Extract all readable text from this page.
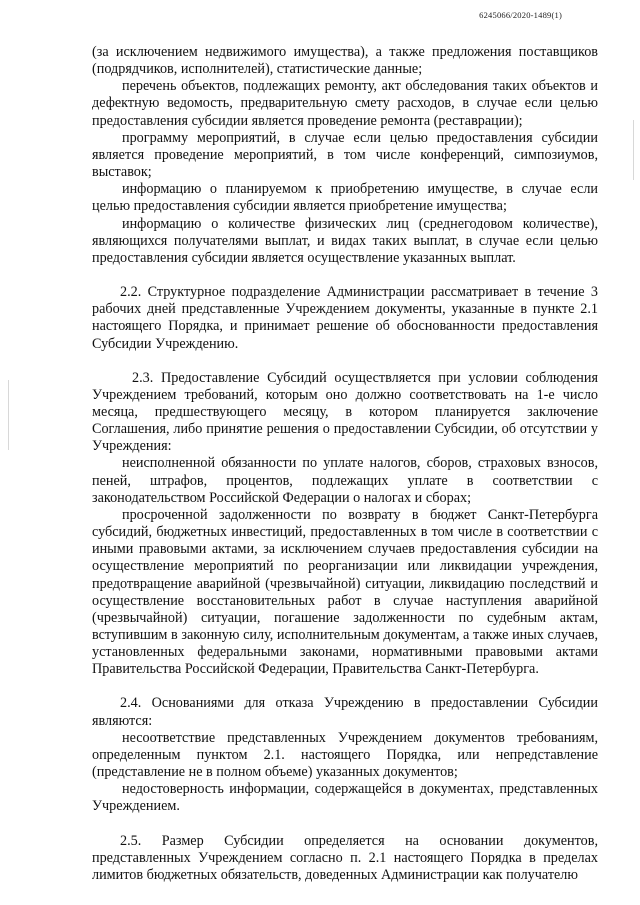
6245066/2020-1489(1)

(за исключением недвижимого имущества), а также предложения поставщиков (подрядчиков, исполнителей), статистические данные;

перечень объектов, подлежащих ремонту, акт обследования таких объектов и дефектную ведомость, предварительную смету расходов, в случае если целью предоставления субсидии является проведение ремонта (реставрации);

программу мероприятий, в случае если целью предоставления субсидии является проведение мероприятий, в том числе конференций, симпозиумов, выставок;

информацию о планируемом к приобретению имуществе, в случае если целью предоставления субсидии является приобретение имущества;

информацию о количестве физических лиц (среднегодовом количестве), являющихся получателями выплат, и видах таких выплат, в случае если целью предоставления субсидии является осуществление указанных выплат.

2.2. Структурное подразделение Администрации рассматривает в течение 3 рабочих дней представленные Учреждением документы, указанные в пункте 2.1 настоящего Порядка, и принимает решение об обоснованности предоставления Субсидии Учреждению.

2.3. Предоставление Субсидий осуществляется при условии соблюдения Учреждением требований, которым оно должно соответствовать на 1-е число месяца, предшествующего месяцу, в котором планируется заключение Соглашения, либо принятие решения о предоставлении Субсидии, об отсутствии у Учреждения:

неисполненной обязанности по уплате налогов, сборов, страховых взносов, пеней, штрафов, процентов, подлежащих уплате в соответствии с законодательством Российской Федерации о налогах и сборах;

просроченной задолженности по возврату в бюджет Санкт-Петербурга субсидий, бюджетных инвестиций, предоставленных в том числе в соответствии с иными правовыми актами, за исключением случаев предоставления субсидии на осуществление мероприятий по реорганизации или ликвидации учреждения, предотвращение аварийной (чрезвычайной) ситуации, ликвидацию последствий и осуществление восстановительных работ в случае наступления аварийной (чрезвычайной) ситуации, погашение задолженности по судебным актам, вступившим в законную силу, исполнительным документам, а также иных случаев, установленных федеральными законами, нормативными правовыми актами Правительства Российской Федерации, Правительства Санкт-Петербурга.

2.4. Основаниями для отказа Учреждению в предоставлении Субсидии являются:

несоответствие представленных Учреждением документов требованиям, определенным пунктом 2.1. настоящего Порядка, или непредставление (представление не в полном объеме) указанных документов;

недостоверность информации, содержащейся в документах, представленных Учреждением.

2.5. Размер Субсидии определяется на основании документов, представленных Учреждением согласно п. 2.1 настоящего Порядка в пределах лимитов бюджетных обязательств, доведенных Администрации как получателю
